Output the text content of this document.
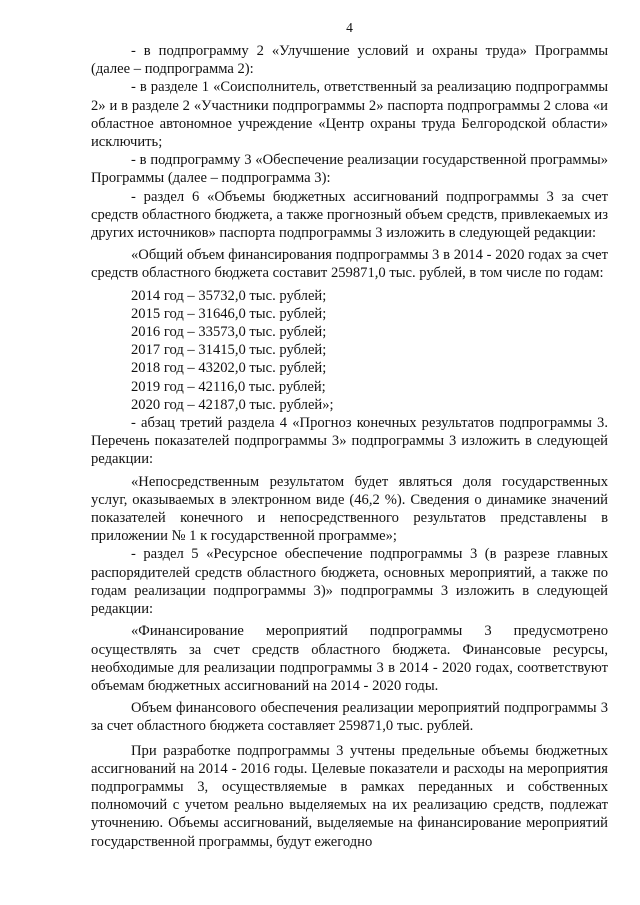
4

- в подпрограмму 2 «Улучшение условий и охраны труда» Программы (далее – подпрограмма 2):

- в разделе 1 «Соисполнитель, ответственный за реализацию подпрограммы 2» и в разделе 2 «Участники подпрограммы 2» паспорта подпрограммы 2 слова «и областное автономное учреждение «Центр охраны труда Белгородской области» исключить;

- в подпрограмму 3 «Обеспечение реализации государственной программы» Программы (далее – подпрограмма 3):

- раздел 6 «Объемы бюджетных ассигнований подпрограммы 3 за счет средств областного бюджета, а также прогнозный объем средств, привлекаемых из других источников» паспорта подпрограммы 3 изложить в следующей редакции:

«Общий объем финансирования подпрограммы 3 в 2014 - 2020 годах за счет средств областного бюджета составит 259871,0 тыс. рублей, в том числе по годам:

2014 год – 35732,0 тыс. рублей;

2015 год – 31646,0 тыс. рублей;

2016 год – 33573,0 тыс. рублей;

2017 год – 31415,0 тыс. рублей;

2018 год – 43202,0 тыс. рублей;

2019 год – 42116,0 тыс. рублей;

2020 год – 42187,0 тыс. рублей»;

- абзац третий раздела 4 «Прогноз конечных результатов подпрограммы 3. Перечень показателей подпрограммы 3» подпрограммы 3 изложить в следующей редакции:

«Непосредственным результатом будет являться доля государственных услуг, оказываемых в электронном виде (46,2 %). Сведения о динамике значений показателей конечного и непосредственного результатов представлены в приложении № 1 к государственной программе»;

- раздел 5 «Ресурсное обеспечение подпрограммы 3 (в разрезе главных распорядителей средств областного бюджета, основных мероприятий, а также по годам реализации подпрограммы 3)» подпрограммы 3 изложить в следующей редакции:

«Финансирование мероприятий подпрограммы 3 предусмотрено осуществлять за счет средств областного бюджета. Финансовые ресурсы, необходимые для реализации подпрограммы 3 в 2014 - 2020 годах, соответствуют объемам бюджетных ассигнований на 2014 - 2020 годы.

Объем финансового обеспечения реализации мероприятий подпрограммы 3 за счет областного бюджета составляет 259871,0 тыс. рублей.

При разработке подпрограммы 3 учтены предельные объемы бюджетных ассигнований на 2014 - 2016 годы. Целевые показатели и расходы на мероприятия подпрограммы 3, осуществляемые в рамках переданных и собственных полномочий с учетом реально выделяемых на их реализацию средств, подлежат уточнению. Объемы ассигнований, выделяемые на финансирование мероприятий государственной программы, будут ежегодно
